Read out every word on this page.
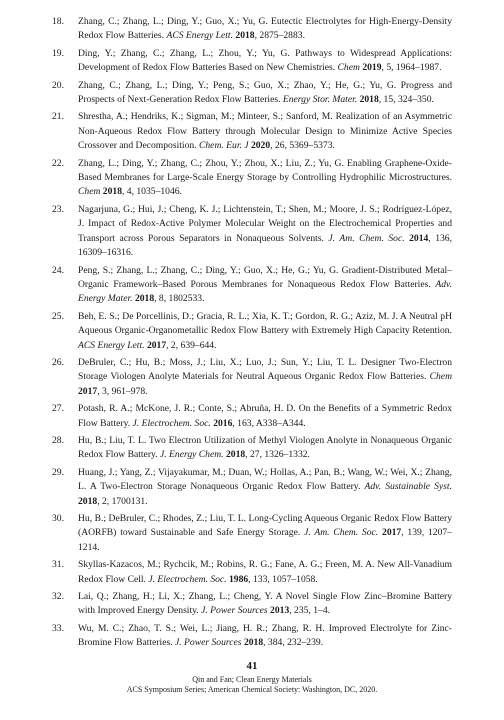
18. Zhang, C.; Zhang, L.; Ding, Y.; Guo, X.; Yu, G. Eutectic Electrolytes for High-Energy-Density Redox Flow Batteries. ACS Energy Lett. 2018, 2875–2883.
19. Ding, Y.; Zhang, C.; Zhang, L.; Zhou, Y.; Yu, G. Pathways to Widespread Applications: Development of Redox Flow Batteries Based on New Chemistries. Chem 2019, 5, 1964–1987.
20. Zhang, C.; Zhang, L.; Ding, Y.; Peng, S.; Guo, X.; Zhao, Y.; He, G.; Yu, G. Progress and Prospects of Next-Generation Redox Flow Batteries. Energy Stor. Mater. 2018, 15, 324–350.
21. Shrestha, A.; Hendriks, K.; Sigman, M.; Minteer, S.; Sanford, M. Realization of an Asymmetric Non-Aqueous Redox Flow Battery through Molecular Design to Minimize Active Species Crossover and Decomposition. Chem. Eur. J 2020, 26, 5369–5373.
22. Zhang, L.; Ding, Y.; Zhang, C.; Zhou, Y.; Zhou, X.; Liu, Z.; Yu, G. Enabling Graphene-Oxide-Based Membranes for Large-Scale Energy Storage by Controlling Hydrophilic Microstructures. Chem 2018, 4, 1035–1046.
23. Nagarjuna, G.; Hui, J.; Cheng, K. J.; Lichtenstein, T.; Shen, M.; Moore, J. S.; Rodríguez-López, J. Impact of Redox-Active Polymer Molecular Weight on the Electrochemical Properties and Transport across Porous Separators in Nonaqueous Solvents. J. Am. Chem. Soc. 2014, 136, 16309–16316.
24. Peng, S.; Zhang, L.; Zhang, C.; Ding, Y.; Guo, X.; He, G.; Yu, G. Gradient-Distributed Metal–Organic Framework–Based Porous Membranes for Nonaqueous Redox Flow Batteries. Adv. Energy Mater. 2018, 8, 1802533.
25. Beh, E. S.; De Porcellinis, D.; Gracia, R. L.; Xia, K. T.; Gordon, R. G.; Aziz, M. J. A Neutral pH Aqueous Organic-Organometallic Redox Flow Battery with Extremely High Capacity Retention. ACS Energy Lett. 2017, 2, 639–644.
26. DeBruler, C.; Hu, B.; Moss, J.; Liu, X.; Luo, J.; Sun, Y.; Liu, T. L. Designer Two-Electron Storage Viologen Anolyte Materials for Neutral Aqueous Organic Redox Flow Batteries. Chem 2017, 3, 961–978.
27. Potash, R. A.; McKone, J. R.; Conte, S.; Abruña, H. D. On the Benefits of a Symmetric Redox Flow Battery. J. Electrochem. Soc. 2016, 163, A338–A344.
28. Hu, B.; Liu, T. L. Two Electron Utilization of Methyl Viologen Anolyte in Nonaqueous Organic Redox Flow Battery. J. Energy Chem. 2018, 27, 1326–1332.
29. Huang, J.; Yang, Z.; Vijayakumar, M.; Duan, W.; Hollas, A.; Pan, B.; Wang, W.; Wei, X.; Zhang, L. A Two-Electron Storage Nonaqueous Organic Redox Flow Battery. Adv. Sustainable Syst. 2018, 2, 1700131.
30. Hu, B.; DeBruler, C.; Rhodes, Z.; Liu, T. L. Long-Cycling Aqueous Organic Redox Flow Battery (AORFB) toward Sustainable and Safe Energy Storage. J. Am. Chem. Soc. 2017, 139, 1207–1214.
31. Skyllas-Kazacos, M.; Rychcik, M.; Robins, R. G.; Fane, A. G.; Freen, M. A. New All-Vanadium Redox Flow Cell. J. Electrochem. Soc. 1986, 133, 1057–1058.
32. Lai, Q.; Zhang, H.; Li, X.; Zhang, L.; Cheng, Y. A Novel Single Flow Zinc–Bromine Battery with Improved Energy Density. J. Power Sources 2013, 235, 1–4.
33. Wu, M. C.; Zhao, T. S.; Wei, L.; Jiang, H. R.; Zhang, R. H. Improved Electrolyte for Zinc-Bromine Flow Batteries. J. Power Sources 2018, 384, 232–239.
41
Qin and Fan; Clean Energy Materials
ACS Symposium Series; American Chemical Society: Washington, DC, 2020.
